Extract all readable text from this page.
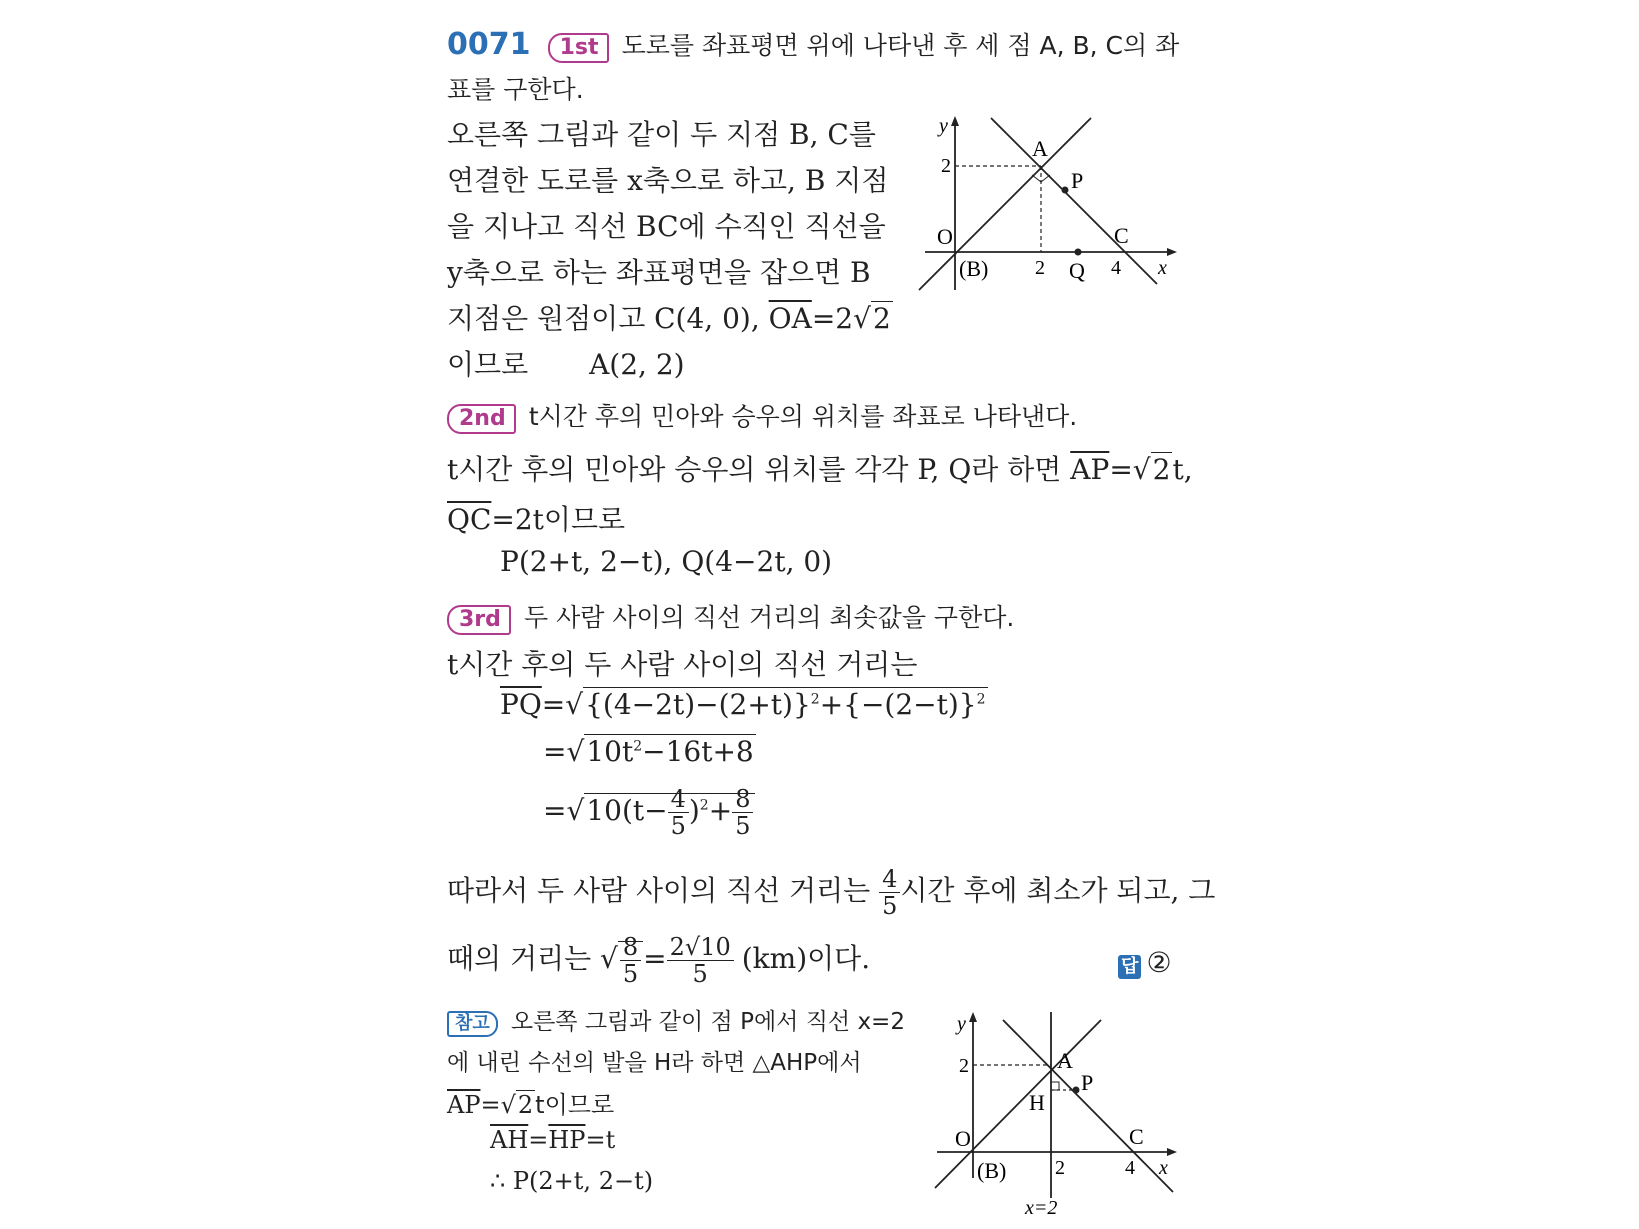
0071 1st 도로를 좌표평면 위에 나타낸 후 세 점 A, B, C의 좌
표를 구한다.
오른쪽 그림과 같이 두 지점 B, C를
연결한 도로를 x축으로 하고, B 지점
을 지나고 직선 BC에 수직인 직선을
y축으로 하는 좌표평면을 잡으면 B
지점은 원점이고 C(4, 0), $\overline{OA}=2√2$
이므로 A(2, 2)
y
2
A
P
O
(B) 2 Q 4
C
x
2nd t시간 후의 민아와 승우의 위치를 좌표로 나타낸다.
t시간 후의 민아와 승우의 위치를 각각 P, Q라 하면 $\overline{AP}=√2t$,
$\overline{QC}=2t$이므로
P(2+t, 2−t), Q(4−2t, 0)
3rd 두 사람 사이의 직선 거리의 최솟값을 구한다.
t시간 후의 두 사람 사이의 직선 거리는
$\overline{PQ}=√\{(4-2t)-(2+t)\}^2+\{-(2-t)\}^2$
$=√10t^2-16t+8$
$=√10(t- \frac{4}{5} )^2+ \frac{8}{5}$
따라서 두 사람 사이의 직선 거리는 $\frac{4}{5}$ 시간 후에 최소가 되고, 그
때의 거리는 √ $\frac{8}{5} = \frac{2√10}{5} (km)$이다.	답 ②
참고 오른쪽 그림과 같이 점 P에서 직선 x=2
에 내린 수선의 발을 H라 하면 △AHP에서
$\overline{AP}=√2t$이므로
$\overline{AH}=\overline{HP}=t$
∴ P(2+t, 2−t)
y
2	A
P
H
O
(B) 2	4
C
x
x=2
